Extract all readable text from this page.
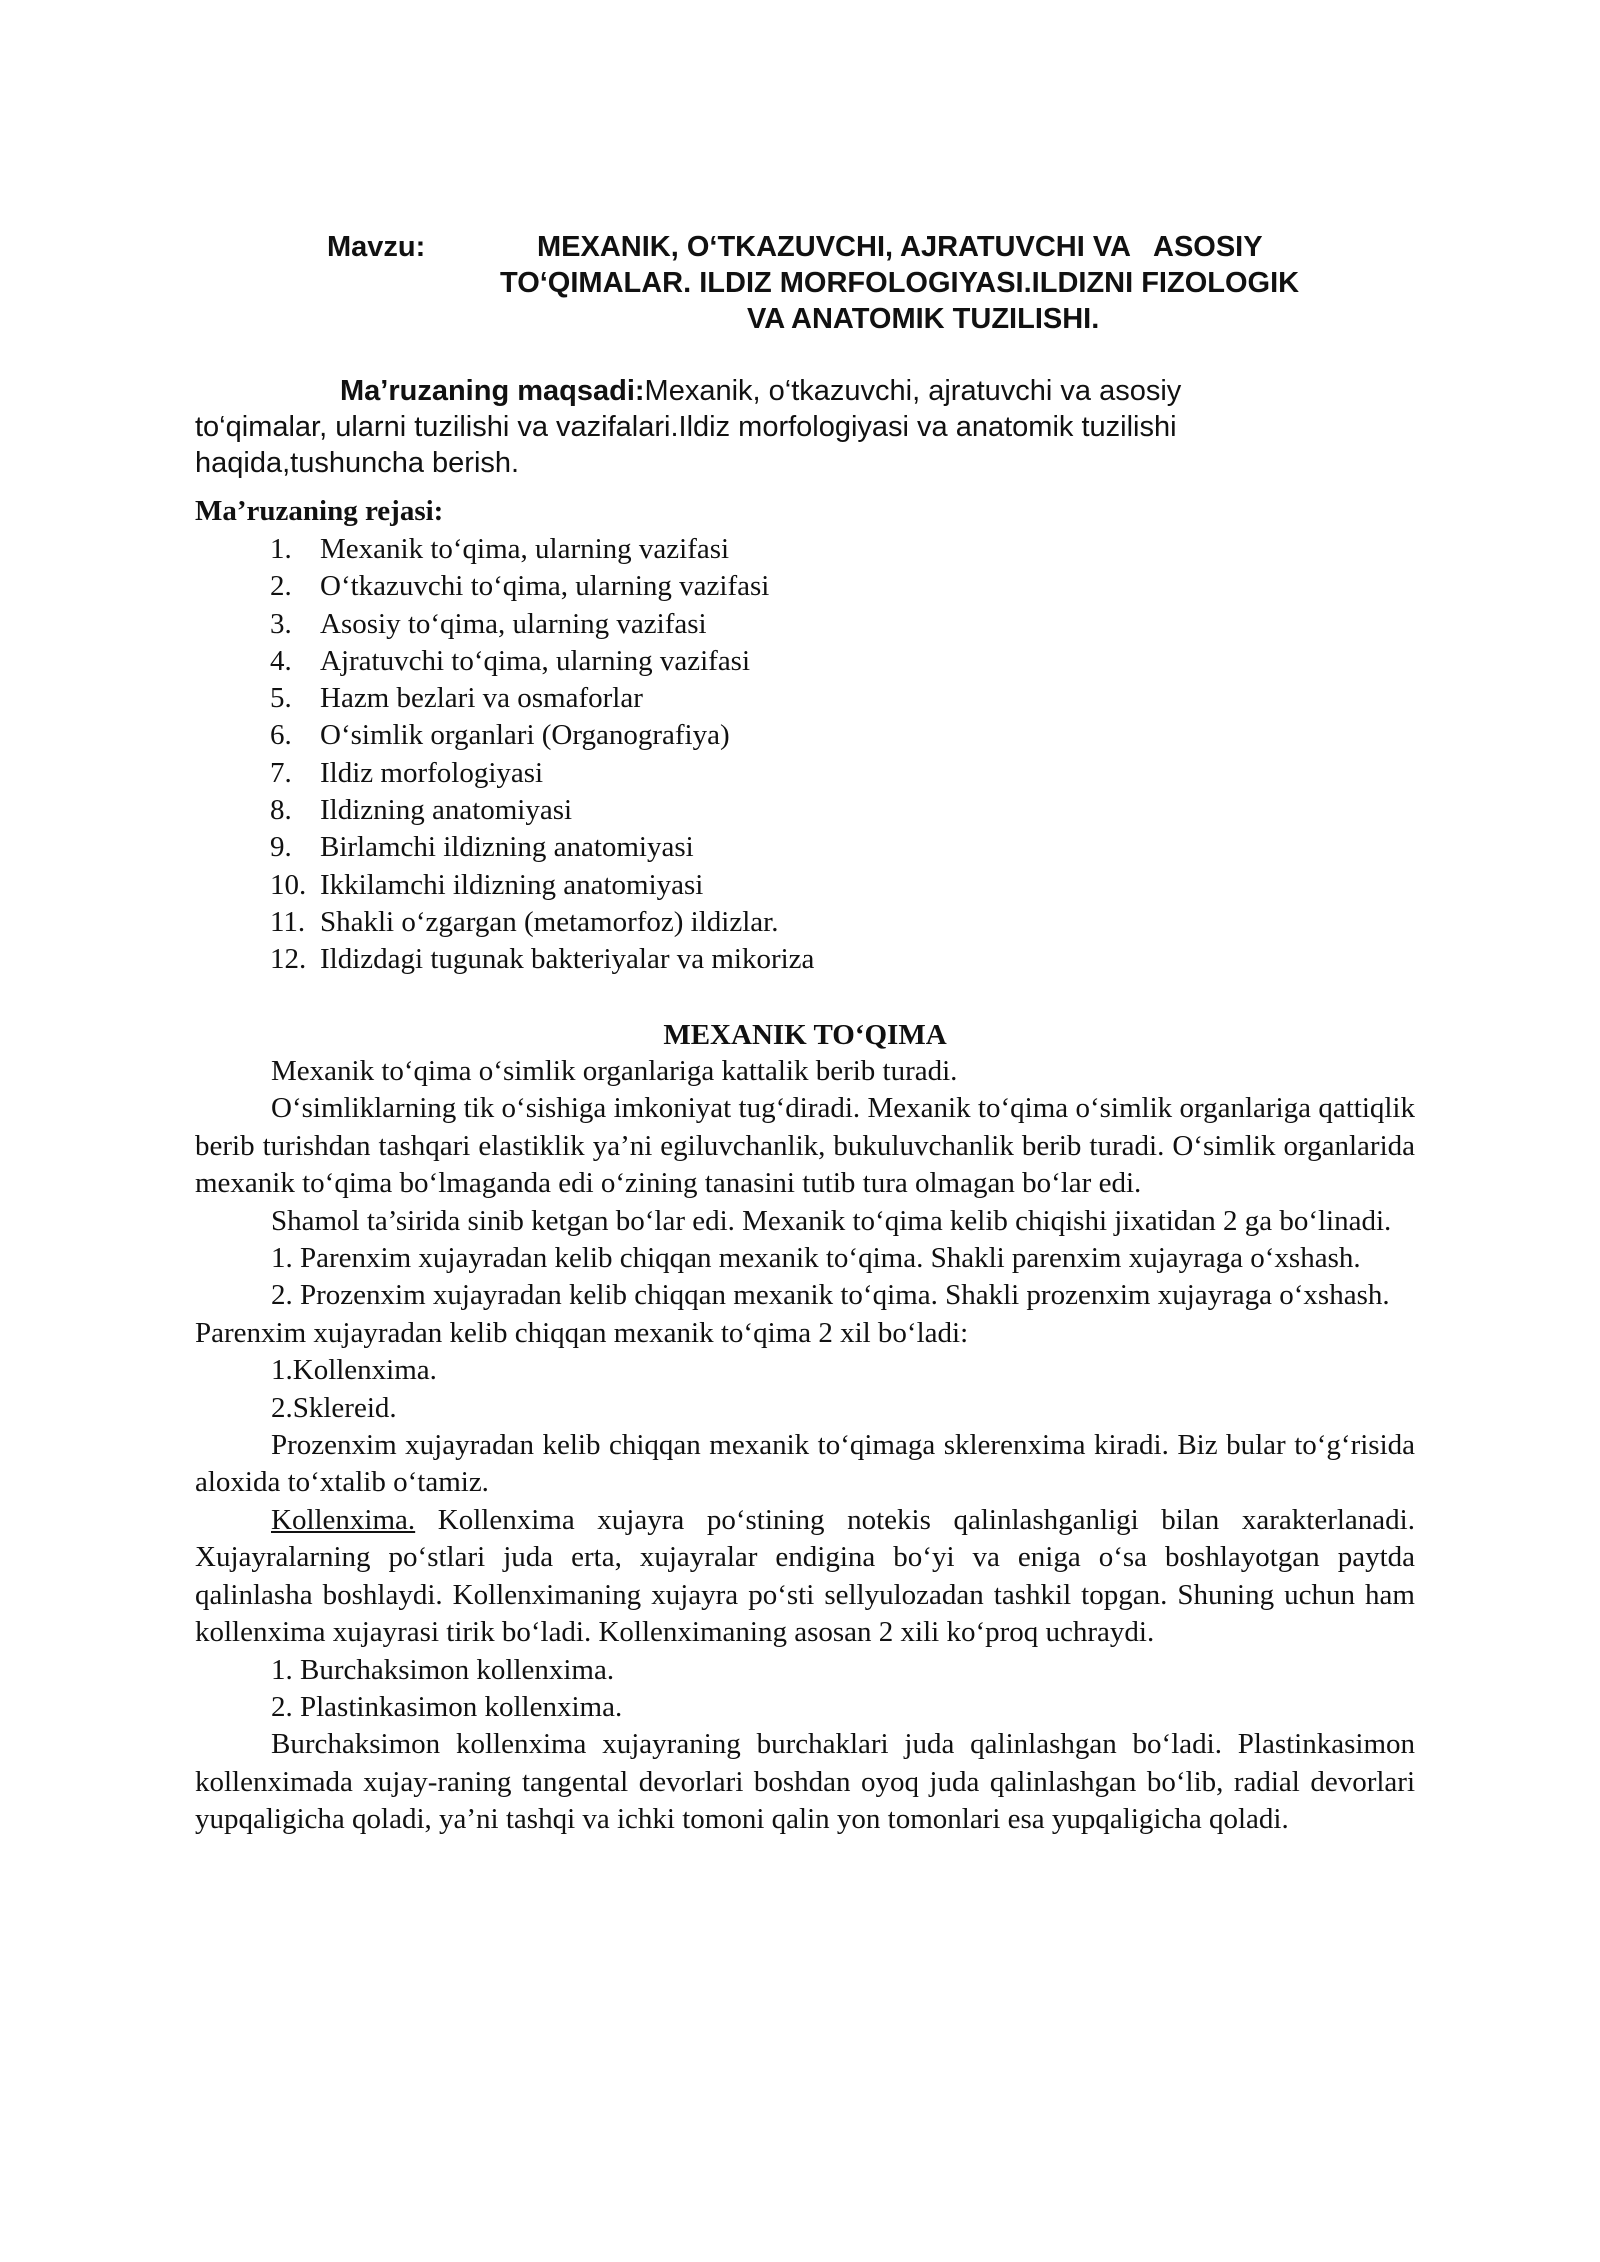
Mavzu:	MEXANIK, O‘TKAZUVCHI, AJRATUVCHI VA   ASOSIY
TO‘QIMALAR. ILDIZ MORFOLOGIYASI.ILDIZNI FIZOLOGIK
VA ANATOMIK TUZILISHI.
Ma’ruzaning maqsadi:Mexanik, o‘tkazuvchi, ajratuvchi va asosiy
to‘qimalar, ularni tuzilishi va vazifalari.Ildiz morfologiyasi va anatomik tuzilishi
haqida,tushuncha berish.
Ma’ruzaning rejasi:
1. Mexanik to‘qima, ularning vazifasi
2. O‘tkazuvchi to‘qima, ularning vazifasi
3. Asosiy to‘qima, ularning vazifasi
4. Ajratuvchi to‘qima, ularning vazifasi
5. Hazm bezlari va osmaforlar
6. O‘simlik organlari (Organografiya)
7. Ildiz morfologiyasi
8. Ildizning anatomiyasi
9. Birlamchi ildizning anatomiyasi
10. Ikkilamchi ildizning anatomiyasi
11. Shakli o‘zgargan (metamorfoz) ildizlar.
12. Ildizdagi tugunak bakteriyalar va mikoriza
MEXANIK TO‘QIMA

Mexanik to‘qima o‘simlik organlariga kattalik berib turadi.

O‘simliklarning tik o‘sishiga imkoniyat tug‘diradi. Mexanik to‘qima o‘simlik organlariga qattiqlik berib turishdan tashqari elastiklik ya’ni egiluvchanlik, bukuluvchanlik berib turadi. O‘simlik organlarida mexanik to‘qima bo‘lmaganda edi o‘zining tanasini tutib tura olmagan bo‘lar edi.

Shamol ta’sirida sinib ketgan bo‘lar edi. Mexanik to‘qima kelib chiqishi jixatidan 2 ga bo‘linadi.

1. Parenxim xujayradan kelib chiqqan mexanik to‘qima. Shakli parenxim xujayraga o‘xshash.

2. Prozenxim xujayradan kelib chiqqan mexanik to‘qima. Shakli prozenxim xujayraga o‘xshash.

Parenxim xujayradan kelib chiqqan mexanik to‘qima 2 xil bo‘ladi:

1.Kollenxima.

2.Sklereid.

Prozenxim xujayradan kelib chiqqan mexanik to‘qimaga sklerenxima kiradi. Biz bular to‘g‘risida aloxida to‘xtalib o‘tamiz.

Kollenxima. Kollenxima xujayra po‘stining notekis qalinlashganligi bilan xarakterlanadi. Xujayralarning po‘stlari juda erta, xujayralar endigina bo‘yi va eniga o‘sa boshlayotgan paytda qalinlasha boshlaydi. Kollenximaning xujayra po‘sti sellyulozadan tashkil topgan. Shuning uchun ham kollenxima xujayrasi tirik bo‘ladi. Kollenximaning asosan 2 xili ko‘proq uchraydi.

1. Burchaksimon kollenxima.

2. Plastinkasimon kollenxima.

Burchaksimon kollenxima xujayraning burchaklari juda qalinlashgan bo‘ladi. Plastinkasimon kollenximada xujay-raning tangental devorlari boshdan oyoq juda qalinlashgan bo‘lib, radial devorlari yupqaligicha qoladi, ya’ni tashqi va ichki tomoni qalin yon tomonlari esa yupqaligicha qoladi.
